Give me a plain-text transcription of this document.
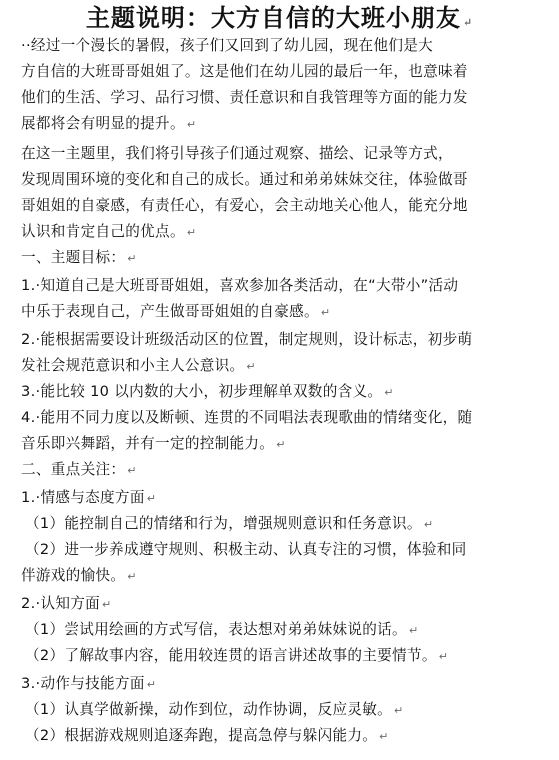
主题说明：大方自信的大班小朋友 ↵
··经过一个漫长的暑假，孩子们又回到了幼儿园，现在他们是大
方自信的大班哥哥姐姐了。这是他们在幼儿园的最后一年，也意味着
他们的生活、学习、品行习惯、责任意识和自我管理等方面的能力发
展都将会有明显的提升。 ↵
在这一主题里，我们将引导孩子们通过观察、描绘、记录等方式，
发现周围环境的变化和自己的成长。通过和弟弟妹妹交往，体验做哥
哥姐姐的自豪感，有责任心，有爱心，会主动地关心他人，能充分地
认识和肯定自己的优点。 ↵
一、主题目标： ↵
1.·知道自己是大班哥哥姐姐，喜欢参加各类活动，在“大带小”活动
中乐于表现自己，产生做哥哥姐姐的自豪感。 ↵
2.·能根据需要设计班级活动区的位置，制定规则，设计标志，初步萌
发社会规范意识和小主人公意识。 ↵
3.·能比较 10 以内数的大小，初步理解单双数的含义。 ↵
4.·能用不同力度以及断顿、连贯的不同唱法表现歌曲的情绪变化，随
音乐即兴舞蹈，并有一定的控制能力。 ↵
二、重点关注： ↵
1.·情感与态度方面 ↵
（1）能控制自己的情绪和行为，增强规则意识和任务意识。 ↵
（2）进一步养成遵守规则、积极主动、认真专注的习惯，体验和同
伴游戏的愉快。 ↵
2.·认知方面 ↵
（1）尝试用绘画的方式写信，表达想对弟弟妹妹说的话。 ↵
（2）了解故事内容，能用较连贯的语言讲述故事的主要情节。 ↵
3.·动作与技能方面 ↵
（1）认真学做新操，动作到位，动作协调，反应灵敏。 ↵
（2）根据游戏规则追逐奔跑，提高急停与躲闪能力。 ↵
